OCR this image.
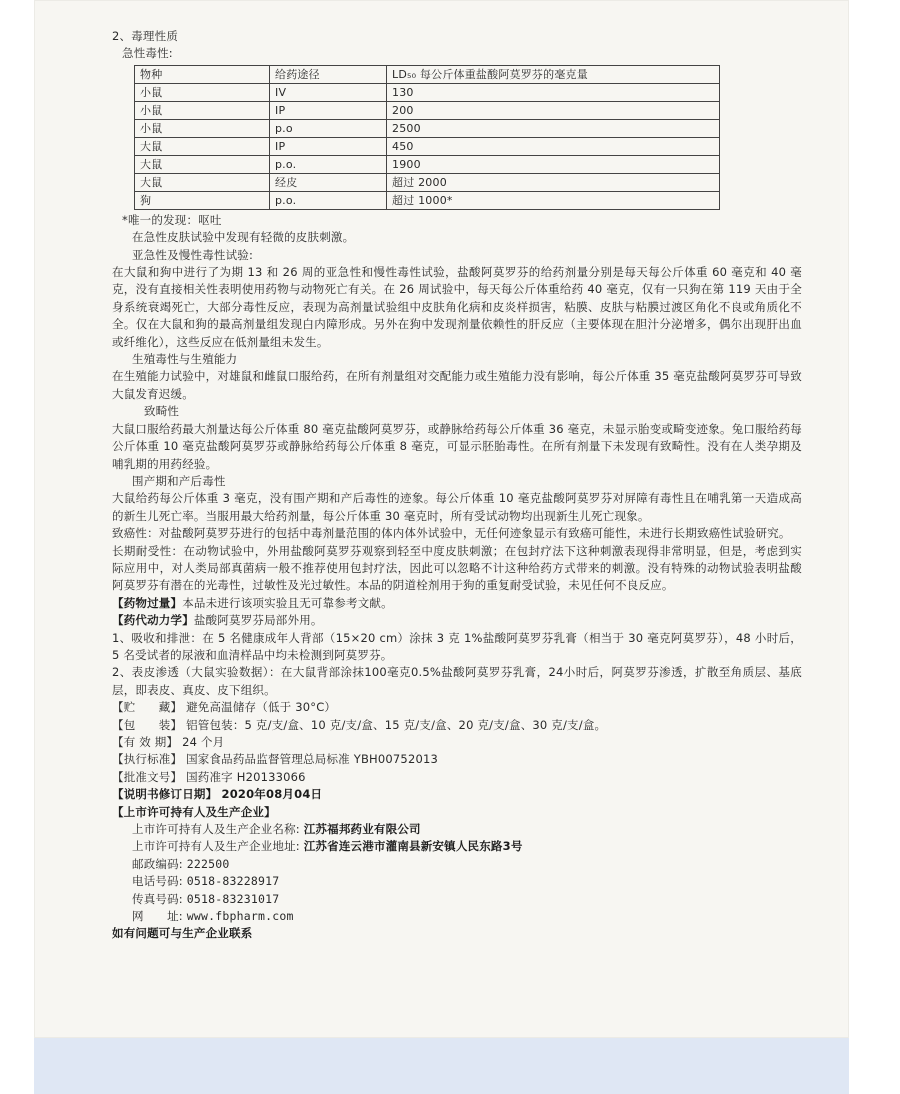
2、毒理性质
急性毒性:
物种	给药途径	LD₅₀ 每公斤体重盐酸阿莫罗芬的毫克量
小鼠	IV	130
小鼠	IP	200
小鼠	p.o	2500
大鼠	IP	450
大鼠	p.o.	1900
大鼠	经皮	超过 2000
狗	p.o.	超过 1000*
*唯一的发现：呕吐
在急性皮肤试验中发现有轻微的皮肤刺激。
亚急性及慢性毒性试验:
在大鼠和狗中进行了为期 13 和 26 周的亚急性和慢性毒性试验，盐酸阿莫罗芬的给药剂量分别是每天每公斤体重 60 毫克和 40 毫克，没有直接相关性表明使用药物与动物死亡有关。在 26 周试验中，每天每公斤体重给药 40 毫克，仅有一只狗在第 119 天由于全身系统衰竭死亡，大部分毒性反应，表现为高剂量试验组中皮肤角化病和皮炎样损害，粘膜、皮肤与粘膜过渡区角化不良或角质化不全。仅在大鼠和狗的最高剂量组发现白内障形成。另外在狗中发现剂量依赖性的肝反应（主要体现在胆汁分泌增多，偶尔出现肝出血或纤维化），这些反应在低剂量组未发生。
生殖毒性与生殖能力
在生殖能力试验中，对雄鼠和雌鼠口服给药，在所有剂量组对交配能力或生殖能力没有影响，每公斤体重 35 毫克盐酸阿莫罗芬可导致大鼠发育迟缓。
致畸性
大鼠口服给药最大剂量达每公斤体重 80 毫克盐酸阿莫罗芬，或静脉给药每公斤体重 36 毫克，未显示胎变或畸变迹象。兔口服给药每公斤体重 10 毫克盐酸阿莫罗芬或静脉给药每公斤体重 8 毫克，可显示胚胎毒性。在所有剂量下未发现有致畸性。没有在人类孕期及哺乳期的用药经验。
围产期和产后毒性
大鼠给药每公斤体重 3 毫克，没有围产期和产后毒性的迹象。每公斤体重 10 毫克盐酸阿莫罗芬对屏障有毒性且在哺乳第一天造成高的新生儿死亡率。当服用最大给药剂量，每公斤体重 30 毫克时，所有受试动物均出现新生儿死亡现象。
致癌性：对盐酸阿莫罗芬进行的包括中毒剂量范围的体内体外试验中，无任何迹象显示有致癌可能性，未进行长期致癌性试验研究。
长期耐受性：在动物试验中，外用盐酸阿莫罗芬观察到轻至中度皮肤刺激；在包封疗法下这种刺激表现得非常明显，但是，考虑到实际应用中，对人类局部真菌病一般不推荐使用包封疗法，因此可以忽略不计这种给药方式带来的刺激。没有特殊的动物试验表明盐酸阿莫罗芬有潜在的光毒性，过敏性及光过敏性。本品的阴道栓剂用于狗的重复耐受试验，未见任何不良反应。
【药物过量】本品未进行该项实验且无可靠参考文献。
【药代动力学】盐酸阿莫罗芬局部外用。
1、吸收和排泄：在 5 名健康成年人背部（15×20 cm）涂抹 3 克 1%盐酸阿莫罗芬乳膏（相当于 30 毫克阿莫罗芬），48 小时后，5 名受试者的尿液和血清样品中均未检测到阿莫罗芬。
2、表皮渗透（大鼠实验数据）：在大鼠背部涂抹100毫克0.5%盐酸阿莫罗芬乳膏，24小时后，阿莫罗芬渗透，扩散至角质层、基底层，即表皮、真皮、皮下组织。
【贮　　藏】 避免高温储存（低于 30°C）
【包　　装】 铝管包装：5 克/支/盒、10 克/支/盒、15 克/支/盒、20 克/支/盒、30 克/支/盒。
【有 效 期】 24 个月
【执行标准】 国家食品药品监督管理总局标准 YBH00752013
【批准文号】 国药准字 H20133066
【说明书修订日期】 2020年08月04日
【上市许可持有人及生产企业】
上市许可持有人及生产企业名称: 江苏福邦药业有限公司
上市许可持有人及生产企业地址: 江苏省连云港市灌南县新安镇人民东路3号
邮政编码: 222500
电话号码: 0518-83228917
传真号码: 0518-83231017
网　　址: www.fbpharm.com
如有问题可与生产企业联系
